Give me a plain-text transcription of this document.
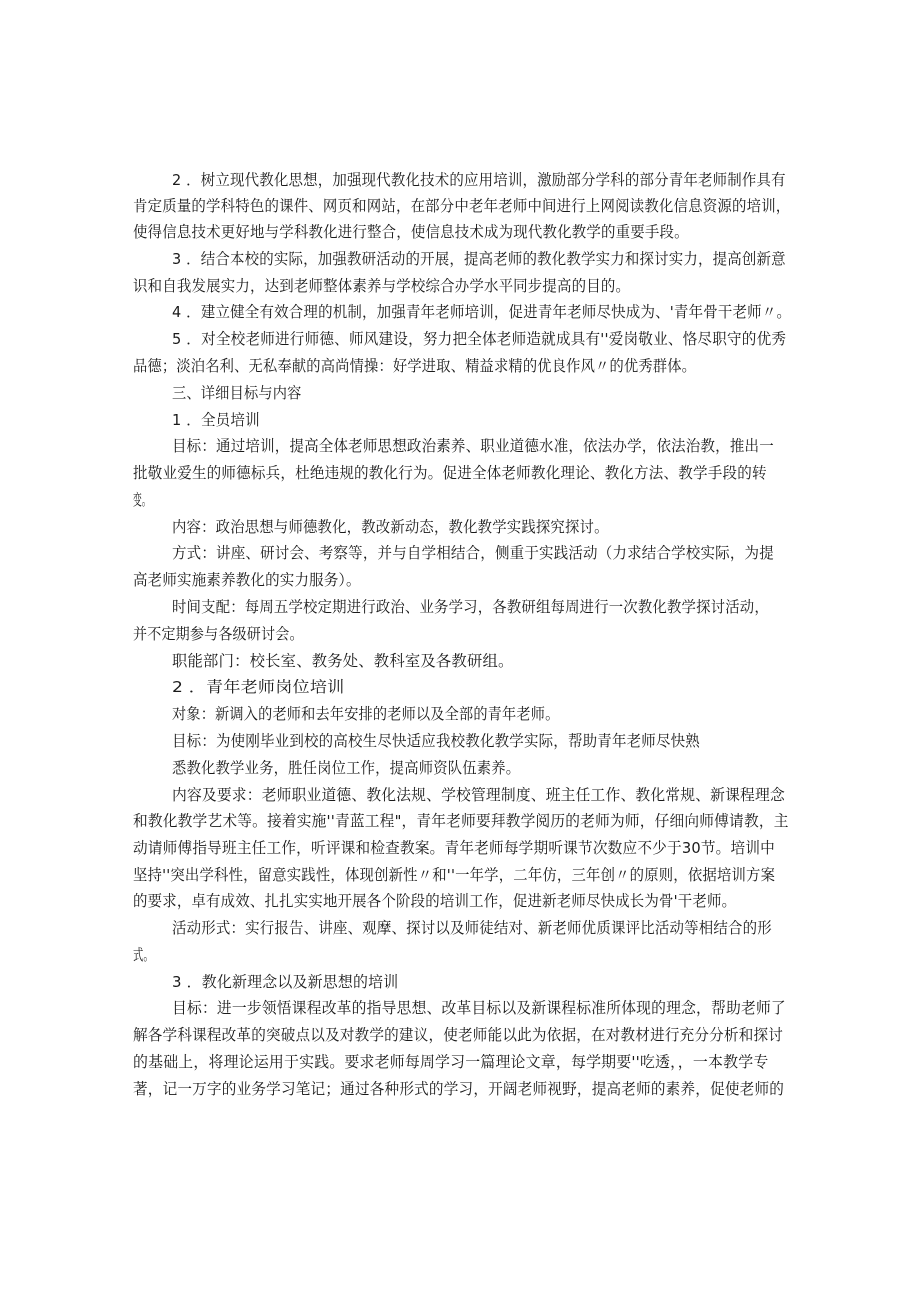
2 ．树立现代教化思想，加强现代教化技术的应用培训，激励部分学科的部分青年老师制作具有
肯定质量的学科特色的课件、网页和网站，在部分中老年老师中间进行上网阅读教化信息资源的培训，
使得信息技术更好地与学科教化进行整合，使信息技术成为现代教化教学的重要手段。
3 ．结合本校的实际，加强教研活动的开展，提高老师的教化教学实力和探讨实力，提高创新意
识和自我发展实力，达到老师整体素养与学校综合办学水平同步提高的目的。
4 ．建立健全有效合理的机制，加强青年老师培训，促进青年老师尽快成为、'青年骨干老师〃。
5 ．对全校老师进行师德、师风建设，努力把全体老师造就成具有''爱岗敬业、恪尽职守的优秀
品德；淡泊名利、无私奉献的高尚情操：好学进取、精益求精的优良作风〃的优秀群体。
三、详细目标与内容
1 ．全员培训
目标：通过培训，提高全体老师思想政治素养、职业道德水准，依法办学，依法治教，推出一
批敬业爱生的师德标兵，杜绝违规的教化行为。促进全体老师教化理论、教化方法、教学手段的转
变。
内容：政治思想与师德教化，教改新动态，教化教学实践探究探讨。
方式：讲座、研讨会、考察等，并与自学相结合，侧重于实践活动（力求结合学校实际，为提
高老师实施素养教化的实力服务）。
时间支配：每周五学校定期进行政治、业务学习，各教研组每周进行一次教化教学探讨活动，
并不定期参与各级研讨会。
职能部门：校长室、教务处、教科室及各教研组。
2 ．青年老师岗位培训
对象：新调入的老师和去年安排的老师以及全部的青年老师。
目标：为使刚毕业到校的高校生尽快适应我校教化教学实际，帮助青年老师尽快熟
悉教化教学业务，胜任岗位工作，提高师资队伍素养。
内容及要求：老师职业道德、教化法规、学校管理制度、班主任工作、教化常规、新课程理念
和教化教学艺术等。接着实施''青蓝工程"，青年老师要拜教学阅历的老师为师，仔细向师傅请教，主
动请师傅指导班主任工作，听评课和检查教案。青年老师每学期听课节次数应不少于30节。培训中
坚持''突出学科性，留意实践性，体现创新性〃和''一年学，二年仿，三年创〃的原则，依据培训方案
的要求，卓有成效、扎扎实实地开展各个阶段的培训工作，促进新老师尽快成长为骨'干老师。
活动形式：实行报告、讲座、观摩、探讨以及师徒结对、新老师优质课评比活动等相结合的形
式。
3 ．教化新理念以及新思想的培训
目标：进一步领悟课程改革的指导思想、改革目标以及新课程标准所体现的理念，帮助老师了
解各学科课程改革的突破点以及对教学的建议，使老师能以此为依据，在对教材进行充分分析和探讨
的基础上，将理论运用于实践。要求老师每周学习一篇理论文章，每学期要''吃透，，一本教学专
著，记一万字的业务学习笔记；通过各种形式的学习，开阔老师视野，提高老师的素养，促使老师的
